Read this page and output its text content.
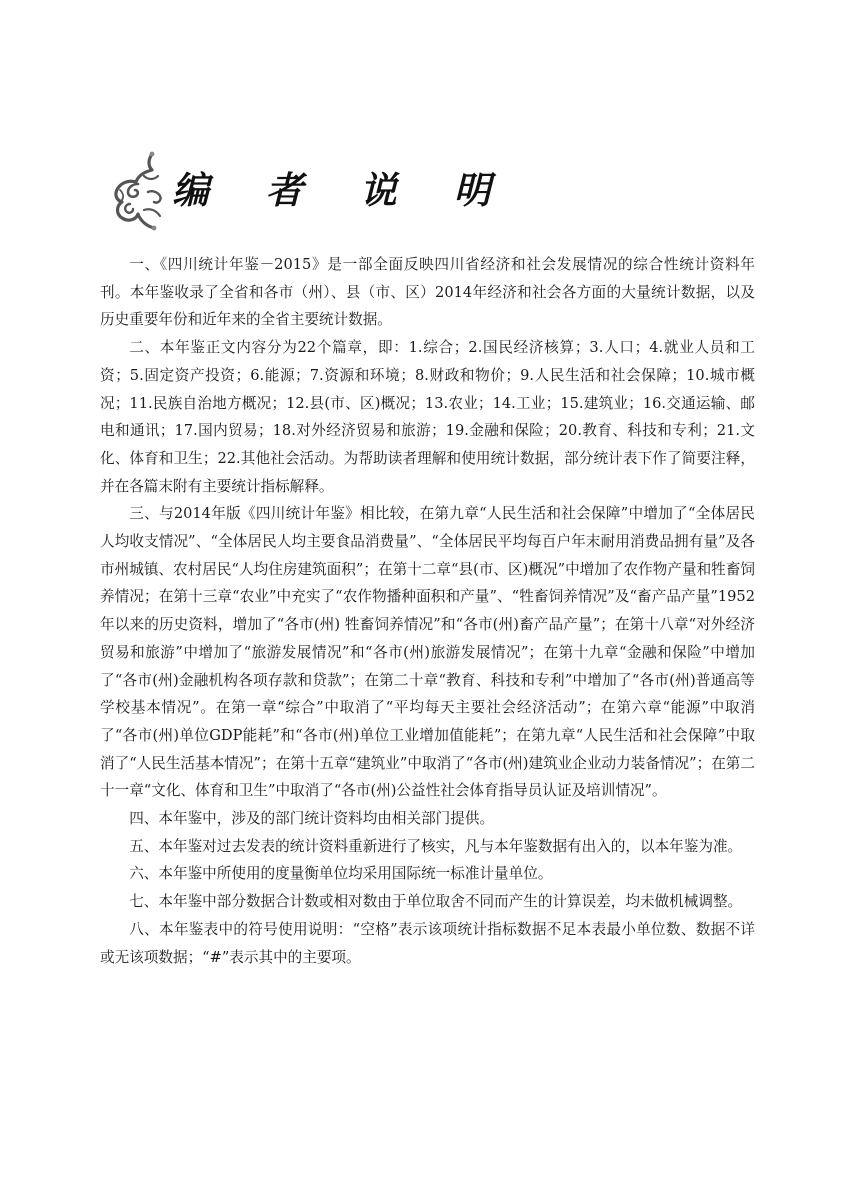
编 者 说 明

一、《四川统计年鉴－2015》是一部全面反映四川省经济和社会发展情况的综合性统计资料年刊。本年鉴收录了全省和各市（州）、县（市、区）2014年经济和社会各方面的大量统计数据，以及历史重要年份和近年来的全省主要统计数据。

二、本年鉴正文内容分为22个篇章，即：1.综合；2.国民经济核算；3.人口；4.就业人员和工资；5.固定资产投资；6.能源；7.资源和环境；8.财政和物价；9.人民生活和社会保障；10.城市概况；11.民族自治地方概况；12.县(市、区)概况；13.农业；14.工业；15.建筑业；16.交通运输、邮电和通讯；17.国内贸易；18.对外经济贸易和旅游；19.金融和保险；20.教育、科技和专利；21.文化、体育和卫生；22.其他社会活动。为帮助读者理解和使用统计数据，部分统计表下作了简要注释，并在各篇末附有主要统计指标解释。

三、与2014年版《四川统计年鉴》相比较，在第九章“人民生活和社会保障”中增加了“全体居民人均收支情况”、“全体居民人均主要食品消费量”、“全体居民平均每百户年末耐用消费品拥有量”及各市州城镇、农村居民“人均住房建筑面积”；在第十二章“县(市、区)概况”中增加了农作物产量和牲畜饲养情况；在第十三章“农业”中充实了“农作物播种面积和产量”、“牲畜饲养情况”及“畜产品产量”1952年以来的历史资料，增加了“各市(州) 牲畜饲养情况”和“各市(州)畜产品产量”；在第十八章“对外经济贸易和旅游”中增加了“旅游发展情况”和“各市(州)旅游发展情况”；在第十九章“金融和保险”中增加了“各市(州)金融机构各项存款和贷款”；在第二十章“教育、科技和专利”中增加了“各市(州)普通高等学校基本情况”。在第一章“综合”中取消了“平均每天主要社会经济活动”；在第六章“能源”中取消了“各市(州)单位GDP能耗”和“各市(州)单位工业增加值能耗”；在第九章“人民生活和社会保障”中取消了“人民生活基本情况”；在第十五章“建筑业”中取消了“各市(州)建筑业企业动力装备情况”；在第二十一章“文化、体育和卫生”中取消了“各市(州)公益性社会体育指导员认证及培训情况”。

四、本年鉴中，涉及的部门统计资料均由相关部门提供。

五、本年鉴对过去发表的统计资料重新进行了核实，凡与本年鉴数据有出入的，以本年鉴为准。

六、本年鉴中所使用的度量衡单位均采用国际统一标准计量单位。

七、本年鉴中部分数据合计数或相对数由于单位取舍不同而产生的计算误差，均未做机械调整。

八、本年鉴表中的符号使用说明：“空格”表示该项统计指标数据不足本表最小单位数、数据不详或无该项数据；“#”表示其中的主要项。
